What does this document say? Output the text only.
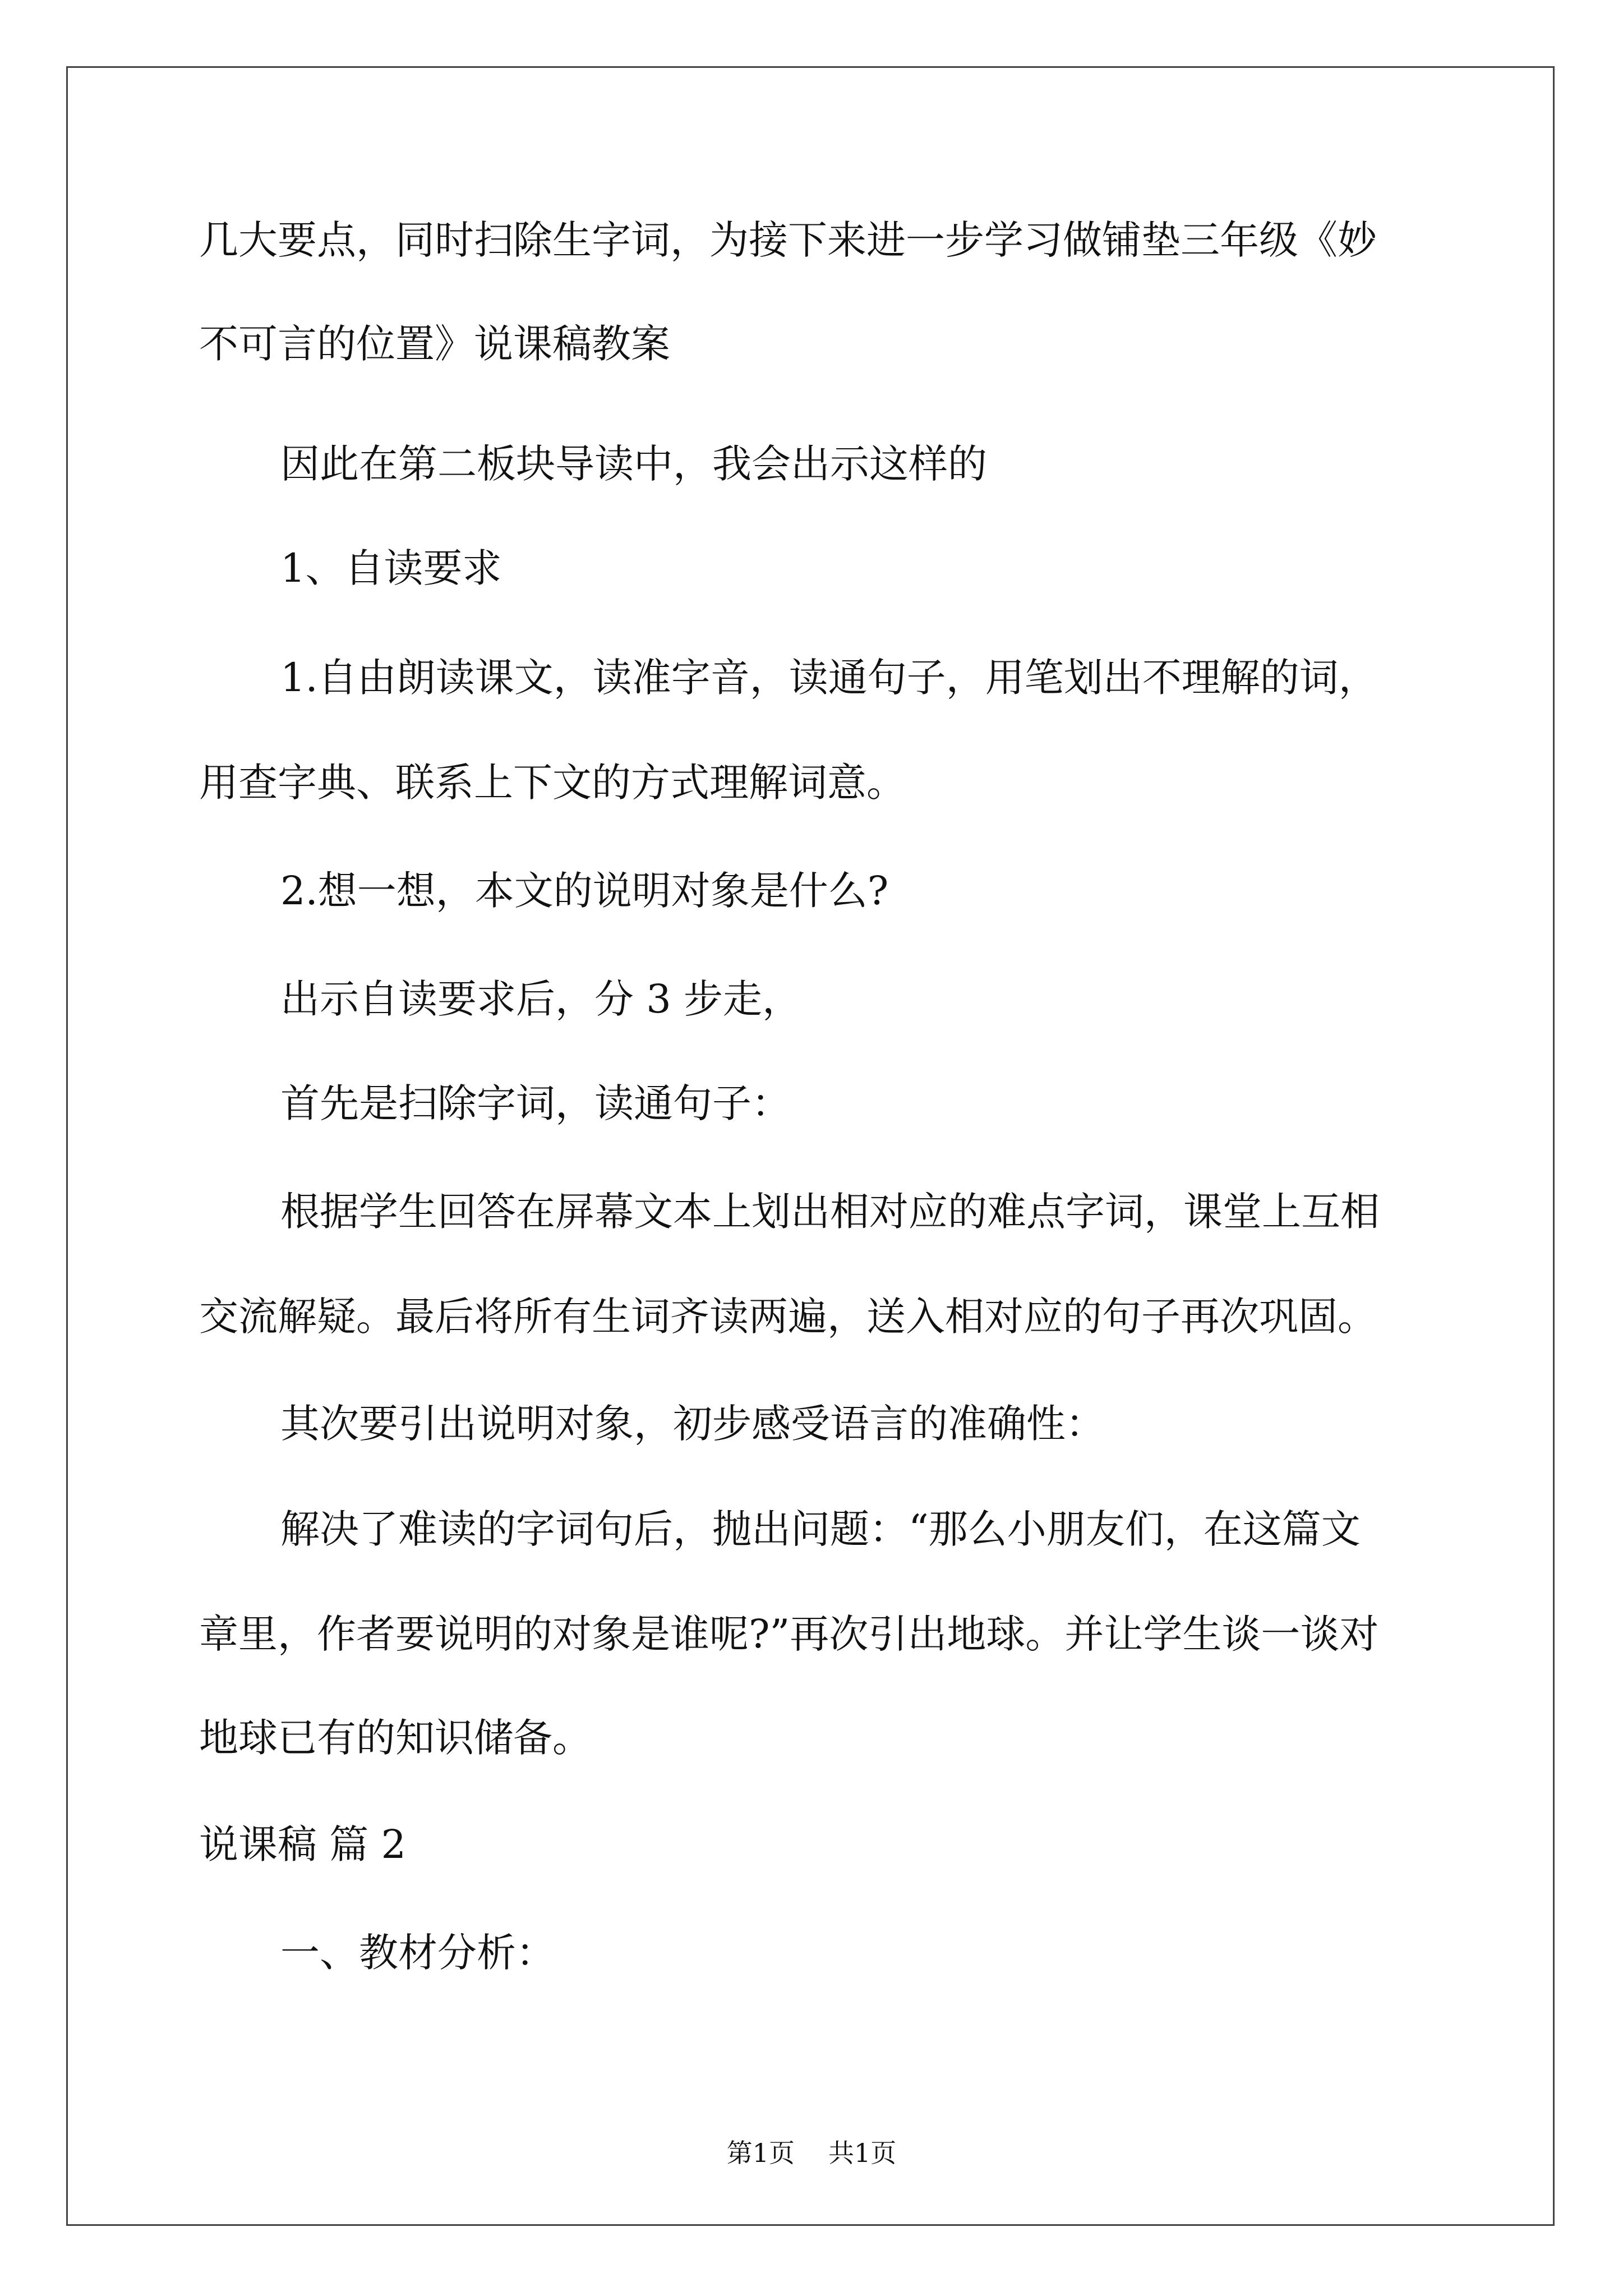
几大要点，同时扫除生字词，为接下来进一步学习做铺垫三年级《妙
不可言的位置》说课稿教案
因此在第二板块导读中，我会出示这样的
1、自读要求
1.自由朗读课文，读准字音，读通句子，用笔划出不理解的词，
用查字典、联系上下文的方式理解词意。
2.想一想，本文的说明对象是什么?
出示自读要求后，分 3 步走，
首先是扫除字词，读通句子：
根据学生回答在屏幕文本上划出相对应的难点字词，课堂上互相
交流解疑。最后将所有生词齐读两遍，送入相对应的句子再次巩固。
其次要引出说明对象，初步感受语言的准确性：
解决了难读的字词句后，抛出问题：“那么小朋友们，在这篇文
章里，作者要说明的对象是谁呢?”再次引出地球。并让学生谈一谈对
地球已有的知识储备。
说课稿 篇 2
一、教材分析：
第1页 共1页
